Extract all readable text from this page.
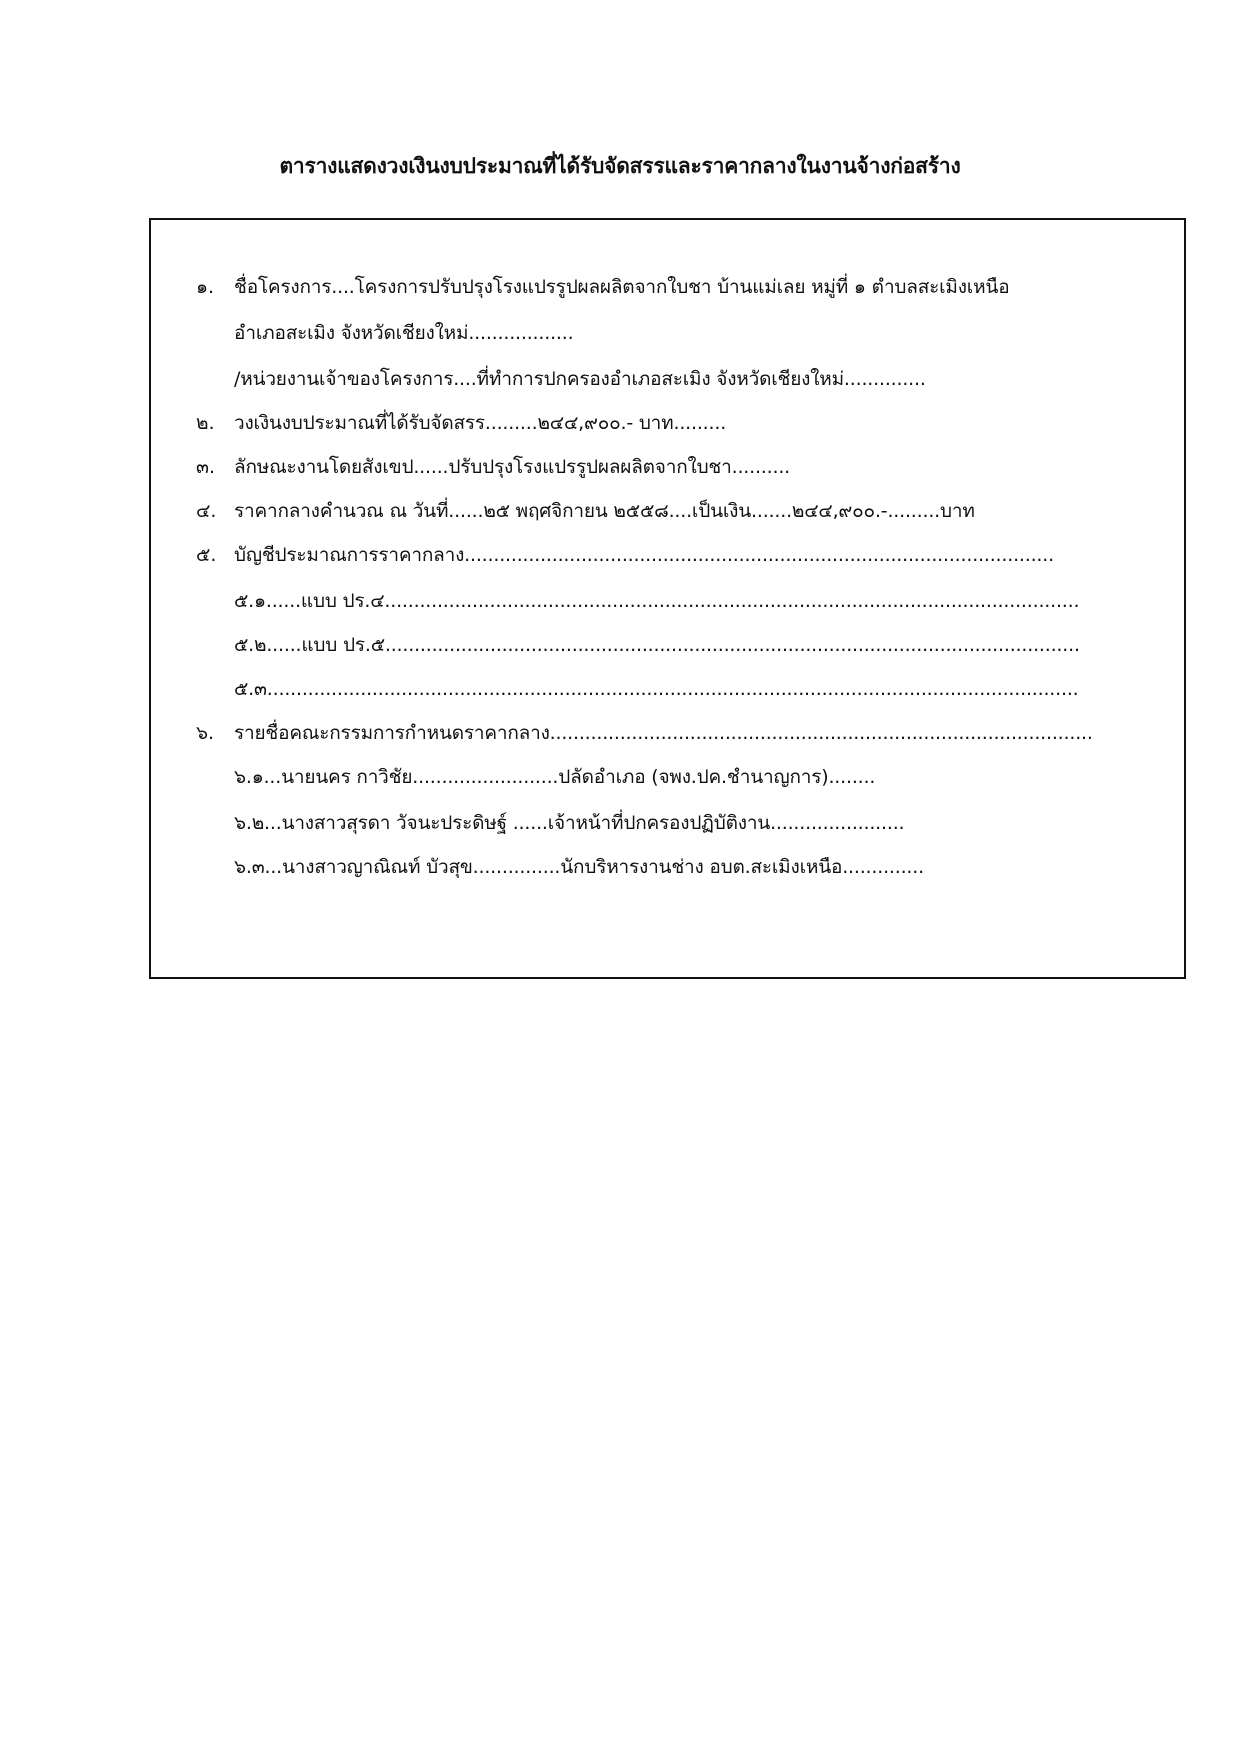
ตารางแสดงวงเงินงบประมาณที่ได้รับจัดสรรและราคากลางในงานจ้างก่อสร้าง
๑. ชื่อโครงการ....โครงการปรับปรุงโรงแปรรูปผลผลิตจากใบชา บ้านแม่เลย หมู่ที่ ๑ ตำบลสะเมิงเหนือ
อำเภอสะเมิง จังหวัดเชียงใหม่..................
/หน่วยงานเจ้าของโครงการ....ที่ทำการปกครองอำเภอสะเมิง จังหวัดเชียงใหม่..............
๒. วงเงินงบประมาณที่ได้รับจัดสรร.........๒๔๔,๙๐๐.- บาท.........
๓. ลักษณะงานโดยสังเขป......ปรับปรุงโรงแปรรูปผลผลิตจากใบชา..........
๔. ราคากลางคำนวณ ณ วันที่......๒๕ พฤศจิกายน ๒๕๕๘....เป็นเงิน.......๒๔๔,๙๐๐.-.........บาท
๕. บัญชีประมาณการราคากลาง.....................................................................................................
๕.๑......แบบ ปร.๔.......................................................................................................................
๕.๒......แบบ ปร.๕.......................................................................................................................
๕.๓...........................................................................................................................................
๖. รายชื่อคณะกรรมการกำหนดราคากลาง.............................................................................................
๖.๑...นายนคร กาวิชัย.........................ปลัดอำเภอ (จพง.ปค.ชำนาญการ)........
๖.๒...นางสาวสุรดา วัจนะประดิษฐ์ ......เจ้าหน้าที่ปกครองปฏิบัติงาน.......................
๖.๓...นางสาวญาณิณท์ บัวสุข...............นักบริหารงานช่าง อบต.สะเมิงเหนือ..............
